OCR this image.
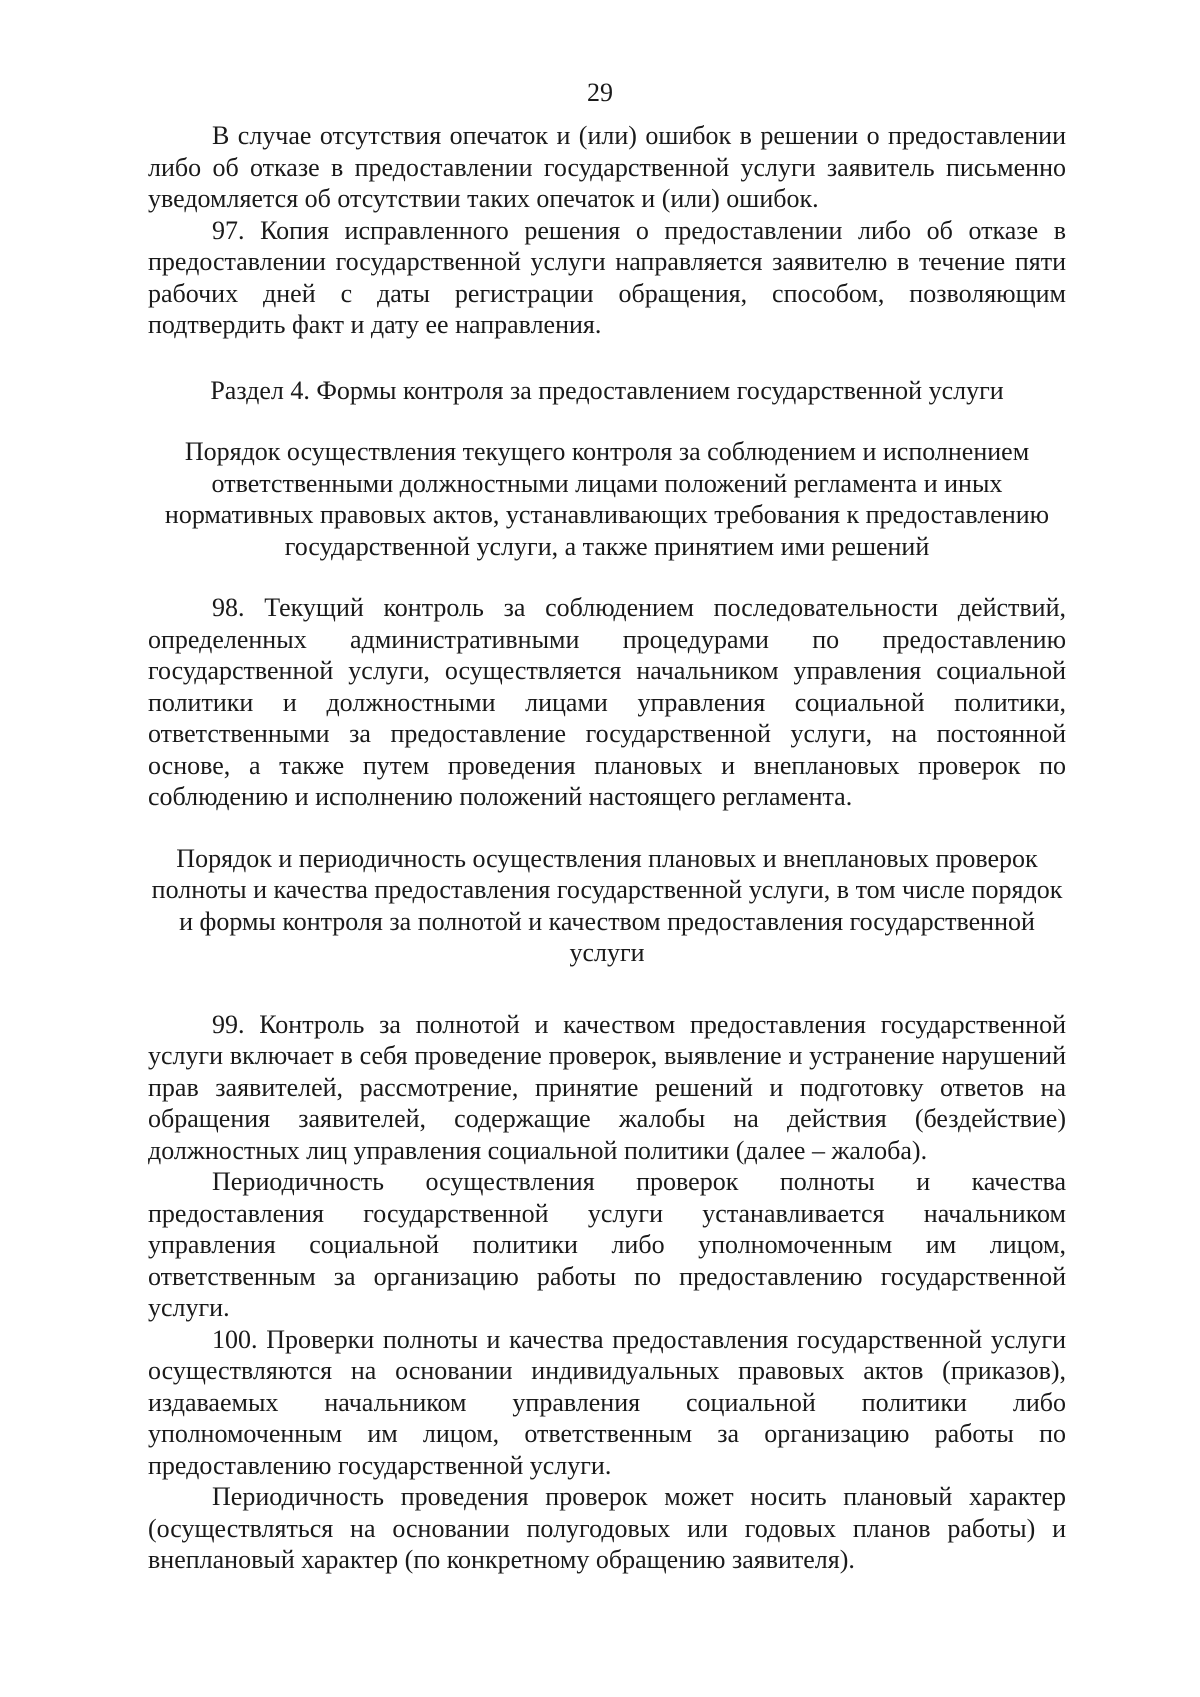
29

В случае отсутствия опечаток и (или) ошибок в решении о предоставлении либо об отказе в предоставлении государственной услуги заявитель письменно уведомляется об отсутствии таких опечаток и (или) ошибок.

97. Копия исправленного решения о предоставлении либо об отказе в предоставлении государственной услуги направляется заявителю в течение пяти рабочих дней с даты регистрации обращения, способом, позволяющим подтвердить факт и дату ее направления.

Раздел 4. Формы контроля за предоставлением государственной услуги

Порядок осуществления текущего контроля за соблюдением и исполнением ответственными должностными лицами положений регламента и иных нормативных правовых актов, устанавливающих требования к предоставлению государственной услуги, а также принятием ими решений

98. Текущий контроль за соблюдением последовательности действий, определенных административными процедурами по предоставлению государственной услуги, осуществляется начальником управления социальной политики и должностными лицами управления социальной политики, ответственными за предоставление государственной услуги, на постоянной основе, а также путем проведения плановых и внеплановых проверок по соблюдению и исполнению положений настоящего регламента.

Порядок и периодичность осуществления плановых и внеплановых проверок полноты и качества предоставления государственной услуги, в том числе порядок и формы контроля за полнотой и качеством предоставления государственной услуги

99. Контроль за полнотой и качеством предоставления государственной услуги включает в себя проведение проверок, выявление и устранение нарушений прав заявителей, рассмотрение, принятие решений и подготовку ответов на обращения заявителей, содержащие жалобы на действия (бездействие) должностных лиц управления социальной политики (далее – жалоба).

Периодичность осуществления проверок полноты и качества предоставления государственной услуги устанавливается начальником управления социальной политики либо уполномоченным им лицом, ответственным за организацию работы по предоставлению государственной услуги.

100. Проверки полноты и качества предоставления государственной услуги осуществляются на основании индивидуальных правовых актов (приказов), издаваемых начальником управления социальной политики либо уполномоченным им лицом, ответственным за организацию работы по предоставлению государственной услуги.

Периодичность проведения проверок может носить плановый характер (осуществляться на основании полугодовых или годовых планов работы) и внеплановый характер (по конкретному обращению заявителя).
